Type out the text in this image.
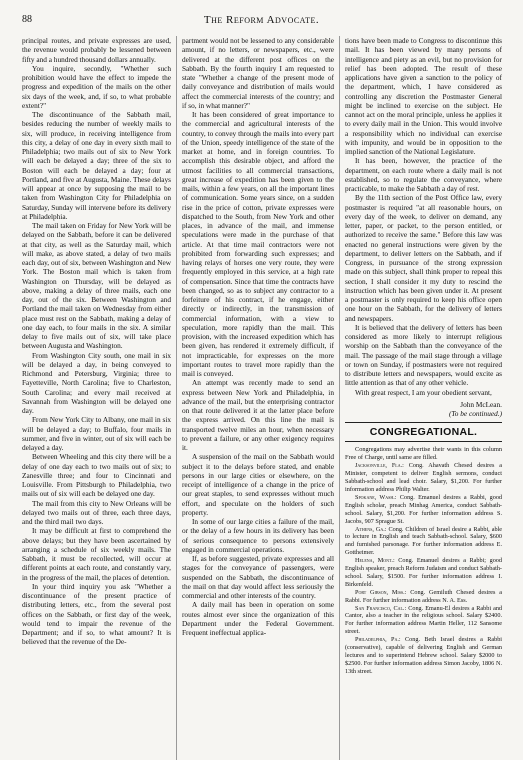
88	The Reform Advocate.

principal routes, and private expresses are used, the revenue would probably be lessened between fifty and a hundred thousand dollars annually.

You inquire, secondly, "Whether such prohibition would have the effect to impede the progress and expedition of the mails on the other six days of the week, and, if so, to what probable extent?"

The discontinuance of the Sabbath mail, besides reducing the number of weekly mails to six, will produce, in receiving intelligence from this city, a delay of one day in every sixth mail to Philadelphia; two mails out of six to New York will each be delayed a day; three of the six to Boston will each be delayed a day; four at Portland, and five at Augusta, Maine. These delays will appear at once by supposing the mail to be taken from Washington City for Philadelphia on Saturday, Sunday will intervene before its delivery at Philadelphia.

The mail taken on Friday for New York will be delayed on the Sabbath, before it can be delivered at that city, as well as the Saturday mail, which will make, as above stated, a delay of two mails each day, out of six, between Washington and New York. The Boston mail which is taken from Washington on Thursday, will be delayed as above, making a delay of three mails, each one day, out of the six. Between Washington and Portland the mail taken on Wednesday from either place must rest on the Sabbath, making a delay of one day each, to four mails in the six. A similar delay to five mails out of six, will take place between Augusta and Washington.

From Washington City south, one mail in six will be delayed a day, in being conveyed to Richmond and Petersburg, Virginia; three to Fayetteville, North Carolina; five to Charleston, South Carolina; and every mail received at Savannah from Washington will be delayed one day.

From New York City to Albany, one mail in six will be delayed a day; to Buffalo, four mails in summer, and five in winter, out of six will each be delayed a day.

Between Wheeling and this city there will be a delay of one day each to two mails out of six; to Zanesville three; and four to Cincinnati and Louisville. From Pittsburgh to Philadelphia, two mails out of six will each be delayed one day.

The mail from this city to New Orleans will be delayed two mails out of three, each three days, and the third mail two days.

It may be difficult at first to comprehend the above delays; but they have been ascertained by arranging a schedule of six weekly mails. The Sabbath, it must be recollected, will occur at different points at each route, and constantly vary, in the progress of the mail, the places of detention.

In your third inquiry you ask "Whether a discontinuance of the present practice of distributing letters, etc., from the several post offices on the Sabbath, or first day of the week, would tend to impair the revenue of the Department; and if so, to what amount? It is believed that the revenue of the De-

partment would not be lessened to any considerable amount, if no letters, or newspapers, etc., were delivered at the different post offices on the Sabbath. By the fourth inquiry I am requested to state "Whether a change of the present mode of daily conveyance and distribution of mails would affect the commercial interests of the country; and if so, in what manner?"

It has been considered of great importance to the commercial and agricultural interests of the country, to convey through the mails into every part of the Union, speedy intelligence of the state of the market at home, and in foreign countries. To accomplish this desirable object, and afford the utmost facilities to all commercial transactions, great increase of expedition has been given to the mails, within a few years, on all the important lines of communication. Some years since, on a sudden rise in the price of cotton, private expresses were dispatched to the South, from New York and other places, in advance of the mail, and immense speculations were made in the purchase of that article. At that time mail contractors were not prohibited from forwarding such expresses; and having relays of horses one very route, they were frequently employed in this service, at a high rate of compensation. Since that time the contracts have been changed, so as to subject any contractor to a forfeiture of his contract, if he engage, either directly or indirectly, in the transmission of commercial information, with a view to speculation, more rapidly than the mail. This provision, with the increased expedition which has been given, has rendered it extremely difficult, if not impracticable, for expresses on the more important routes to travel more rapidly than the mail is conveyed.

An attempt was recently made to send an express between New York and Philadelphia, in advance of the mail, but the enterprising contractor on that route delivered it at the latter place before the express arrived. On this line the mail is transported twelve miles an hour, when necessary to prevent a failure, or any other exigency requires it.

A suspension of the mail on the Sabbath would subject it to the delays before stated, and enable persons in our large cities or elsewhere, on the receipt of intelligence of a change in the price of our great staples, to send expresses without much effort, and speculate on the holders of such property.

In some of our large cities a failure of the mail, or the delay of a few hours in its delivery has been of serious consequence to persons extensively engaged in commercial operations.

If, as before suggested, private expresses and all stages for the conveyance of passengers, were suspended on the Sabbath, the discontinuance of the mail on that day would affect less seriously the commercial and other interests of the country.

A daily mail has been in operation on some routes almost ever since the organization of this Department under the Federal Government. Frequent ineffectual applica-

tions have been made to Congress to discontinue this mail. It has been viewed by many persons of intelligence and piety as an evil, but no provision for relief has been adopted. The result of these applications have given a sanction to the policy of the department, which, I have considered as controlling any discretion the Postmaster General might be inclined to exercise on the subject. He cannot act on the moral principle, unless he applies it to every daily mail in the Union. This would involve a responsibility which no individual can exercise with impunity, and would be in opposition to the implied sanction of the National Legislature.

It has been, however, the practice of the department, on each route where a daily mail is not established, so to regulate the conveyance, where practicable, to make the Sabbath a day of rest.

By the 11th section of the Post Office law, every postmaster is required "at all reasonable hours, on every day of the week, to deliver on demand, any letter, paper, or packet, to the person entitled, or authorized to receive the same." Before this law was enacted no general instructions were given by the department, to deliver letters on the Sabbath, and if Congress, in pursuance of the strong expression made on this subject, shall think proper to repeal this section, I shall consider it my duty to rescind the instruction which has been given under it. At present a postmaster is only required to keep his office open one hour on the Sabbath, for the delivery of letters and newspapers.

It is believed that the delivery of letters has been considered as more likely to interrupt religious worship on the Sabbath than the conveyance of the mail. The passage of the mail stage through a village or town on Sunday, if postmasters were not required to distribute letters and newspapers, would excite as little attention as that of any other vehicle.

With great respect, I am your obedient servant,

John McLean.
(To be continued.)
CONGREGATIONAL.

Congregations may advertise their wants in this column Free of Charge, until same are filled.

Jacksonville, Fla.: Cong. Ahavath Chesed desires a Minister, competent to deliver English sermons, conduct Sabbath-school and lead choir. Salary, $1,200. For further information address Philip Walter.

Spokane, Wash.: Cong. Emanuel desires a Rabbi, good English scholar, preach Minhag America, conduct Sabbath-school. Salary, $1,200. For further information address S. Jacobs, 907 Sprague St.

Athens, Ga.: Cong. Children of Israel desire a Rabbi, able to lecture in English and teach Sabbath-school. Salary, $600 and furnished parsonage. For further information address E. Gottheimer.

Helena, Mont.: Cong. Emanuel desires a Rabbi; good English speaker, preach Reform Judaism and conduct Sabbath-school. Salary, $1500. For further information address I. Birkenfeld.

Port Gibson, Miss.: Cong. Gemiluth Chesed desires a Rabbi. For further information address N. A. Ess.

San Francisco, Cal.: Cong. Emanu-El desires a Rabbi and Cantor, also a teacher in the religious school. Salary $2400. For further information address Martin Heller, 112 Sansome street.

Philadelphia, Pa.: Cong. Beth Israel desires a Rabbi (conservative), capable of delivering English and German lectures and to superintend Hebrew school. Salary $2000 to $2500. For further information address Simon Jacoby, 1806 N. 13th street.
